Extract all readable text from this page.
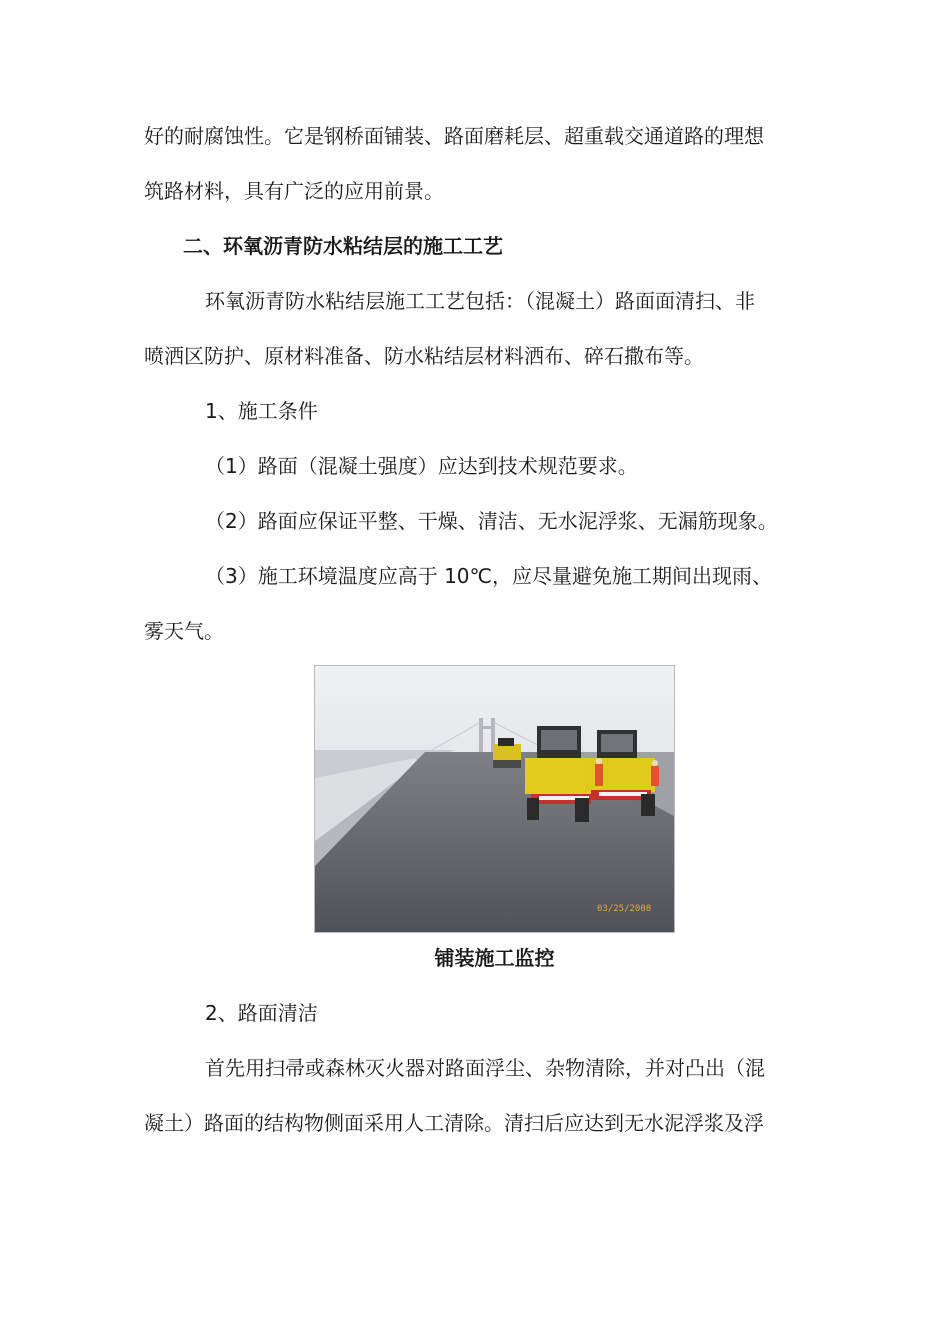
好的耐腐蚀性。它是钢桥面铺装、路面磨耗层、超重载交通道路的理想
筑路材料，具有广泛的应用前景。
二、环氧沥青防水粘结层的施工工艺
环氧沥青防水粘结层施工工艺包括：（混凝土）路面面清扫、非
喷洒区防护、原材料准备、防水粘结层材料洒布、碎石撒布等。
1、施工条件
（1）路面（混凝土强度）应达到技术规范要求。
（2）路面应保证平整、干燥、清洁、无水泥浮浆、无漏筋现象。
（3）施工环境温度应高于 10℃，应尽量避免施工期间出现雨、
雾天气。
03/25/2008
铺装施工监控
2、路面清洁
首先用扫帚或森林灭火器对路面浮尘、杂物清除，并对凸出（混
凝土）路面的结构物侧面采用人工清除。清扫后应达到无水泥浮浆及浮
